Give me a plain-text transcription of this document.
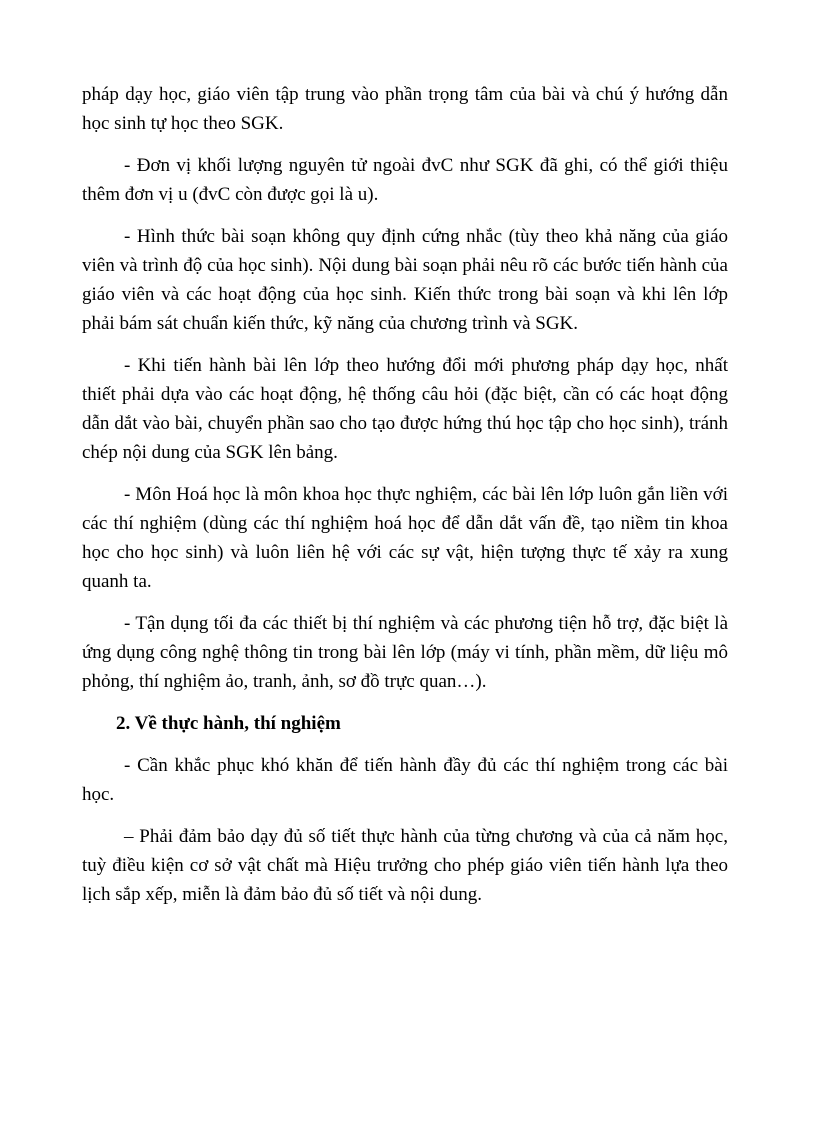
pháp dạy học, giáo viên tập trung vào phần trọng tâm của bài và chú ý hướng dẫn học sinh tự học theo SGK.

- Đơn vị khối lượng nguyên tử ngoài đvC như SGK đã ghi, có thể giới thiệu thêm đơn vị u (đvC còn được gọi là u).

- Hình thức bài soạn không quy định cứng nhắc (tùy theo khả năng của giáo viên và trình độ của học sinh). Nội dung bài soạn phải nêu rõ các bước tiến hành của giáo viên và các hoạt động của học sinh. Kiến thức trong bài soạn và khi lên lớp phải bám sát chuẩn kiến thức, kỹ năng của chương trình và SGK.

- Khi tiến hành bài lên lớp theo hướng đổi mới phương pháp dạy học, nhất thiết phải dựa vào các hoạt động, hệ thống câu hỏi (đặc biệt, cần có các hoạt động dẫn dắt vào bài, chuyển phần sao cho tạo được hứng thú học tập cho học sinh), tránh chép nội dung của SGK lên bảng.

- Môn Hoá học là môn khoa học thực nghiệm, các bài lên lớp luôn gắn liền với các thí nghiệm (dùng các thí nghiệm hoá học để dẫn dắt vấn đề, tạo niềm tin khoa học cho học sinh) và luôn liên hệ với các sự vật, hiện tượng thực tế xảy ra xung quanh ta.

- Tận dụng tối đa các thiết bị thí nghiệm và các phương tiện hỗ trợ, đặc biệt là ứng dụng công nghệ thông tin trong bài lên lớp (máy vi tính, phần mềm, dữ liệu mô phỏng, thí nghiệm ảo, tranh, ảnh, sơ đồ trực quan…).

2. Về thực hành, thí nghiệm

- Cần khắc phục khó khăn để tiến hành đầy đủ các thí nghiệm trong các bài học.

– Phải đảm bảo dạy đủ số tiết thực hành của từng chương và của cả năm học, tuỳ điều kiện cơ sở vật chất mà Hiệu trưởng cho phép giáo viên tiến hành lựa theo lịch sắp xếp, miễn là đảm bảo đủ số tiết và nội dung.
